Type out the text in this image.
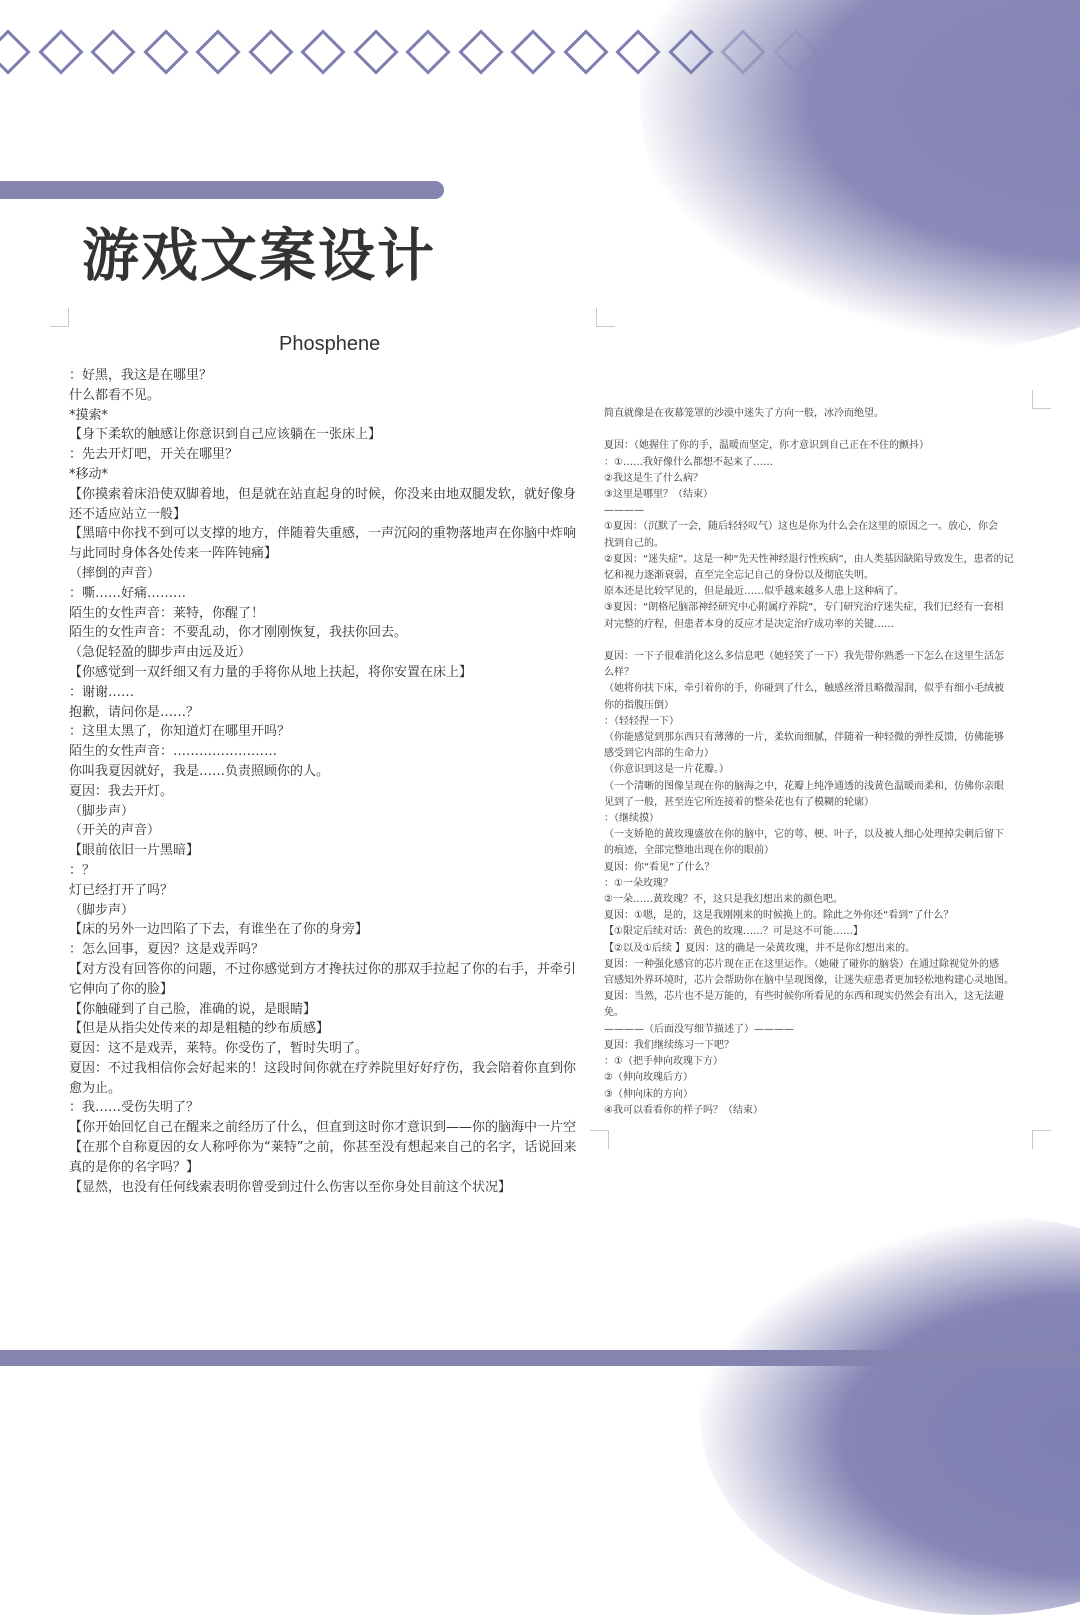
游戏文案设计
Phosphene
：好黑，我这是在哪里？
什么都看不见。
*摸索*
【身下柔软的触感让你意识到自己应该躺在一张床上】
：先去开灯吧，开关在哪里？
*移动*
【你摸索着床沿使双脚着地，但是就在站直起身的时候，你没来由地双腿发软，就好像身
还不适应站立一般】
【黑暗中你找不到可以支撑的地方，伴随着失重感，一声沉闷的重物落地声在你脑中炸响
与此同时身体各处传来一阵阵钝痛】
（摔倒的声音）
：嘶……好痛………
陌生的女性声音：莱特，你醒了！
陌生的女性声音：不要乱动，你才刚刚恢复，我扶你回去。
（急促轻盈的脚步声由远及近）
【你感觉到一双纤细又有力量的手将你从地上扶起，将你安置在床上】
：谢谢……
抱歉，请问你是……？
：这里太黑了，你知道灯在哪里开吗？
陌生的女性声音：……………………
你叫我夏因就好，我是……负责照顾你的人。
夏因：我去开灯。
（脚步声）
（开关的声音）
【眼前依旧一片黑暗】
：？
灯已经打开了吗？
（脚步声）
【床的另外一边凹陷了下去，有谁坐在了你的身旁】
：怎么回事，夏因？这是戏弄吗？
【对方没有回答你的问题，不过你感觉到方才搀扶过你的那双手拉起了你的右手，并牵引
它伸向了你的脸】
【你触碰到了自己脸，准确的说，是眼睛】
【但是从指尖处传来的却是粗糙的纱布质感】
夏因：这不是戏弄，莱特。你受伤了，暂时失明了。
夏因：不过我相信你会好起来的！这段时间你就在疗养院里好好疗伤，我会陪着你直到你
愈为止。
：我……受伤失明了？
【你开始回忆自己在醒来之前经历了什么，但直到这时你才意识到——你的脑海中一片空
【在那个自称夏因的女人称呼你为“莱特”之前，你甚至没有想起来自己的名字，话说回来
真的是你的名字吗？】
【显然，也没有任何线索表明你曾受到过什么伤害以至你身处目前这个状况】
简直就像是在夜幕笼罩的沙漠中迷失了方向一般，冰冷而绝望。
夏因：（她握住了你的手，温暖而坚定，你才意识到自己正在不住的颤抖）
：①……我好像什么都想不起来了……
②我这是生了什么病？
③这里是哪里？（结束）
————
①夏因：（沉默了一会，随后轻轻叹气）这也是你为什么会在这里的原因之一。放心，你会
找到自己的。
②夏因：“迷失症”。这是一种“先天性神经退行性疾病”，由人类基因缺陷导致发生，患者的记
忆和视力逐渐衰弱，直至完全忘记自己的身份以及彻底失明。
原本还是比较罕见的，但是最近……似乎越来越多人患上这种病了。
③夏因：“朗格尼脑部神经研究中心附属疗养院”，专门研究治疗迷失症，我们已经有一套相
对完整的疗程，但患者本身的反应才是决定治疗成功率的关键……
夏因：一下子很难消化这么多信息吧（她轻笑了一下）我先带你熟悉一下怎么在这里生活怎
么样？
（她将你扶下床，牵引着你的手，你碰到了什么，触感丝滑且略微湿润，似乎有细小毛绒被
你的指腹压倒）
：（轻轻捏一下）
（你能感觉到那东西只有薄薄的一片，柔软而细腻，伴随着一种轻微的弹性反馈，仿佛能够
感受到它内部的生命力）
（你意识到这是一片花瓣。）
（一个清晰的图像呈现在你的脑海之中，花瓣上纯净通透的浅黄色温暖而柔和，仿佛你亲眼
见到了一般，甚至连它所连接着的整朵花也有了模糊的轮廓）
：（继续摸）
（一支娇艳的黄玫瑰盛放在你的脑中，它的萼、梗、叶子，以及被人细心处理掉尖刺后留下
的痕迹，全部完整地出现在你的眼前）
夏因：你“看见”了什么？
：①一朵玫瑰？
②一朵……黄玫瑰？不，这只是我幻想出来的颜色吧。
夏因：①嗯，是的，这是我刚刚来的时候换上的。除此之外你还“看到”了什么？
【①限定后续对话：黄色的玫瑰……？可是这不可能……】
【②以及①后续 】夏因：这的确是一朵黄玫瑰，并不是你幻想出来的。
夏因：一种强化感官的芯片现在正在这里运作。（她碰了碰你的脑袋）在通过除视觉外的感
官感知外界环境时，芯片会帮助你在脑中呈现图像，让迷失症患者更加轻松地构建心灵地图。
夏因：当然，芯片也不是万能的，有些时候你所看见的东西和现实仍然会有出入，这无法避
免。
————（后面没写细节描述了）————
夏因：我们继续练习一下吧？
：①（把手伸向玫瑰下方）
②（伸向玫瑰后方）
③（伸向床的方向）
④我可以看看你的样子吗？（结束）
